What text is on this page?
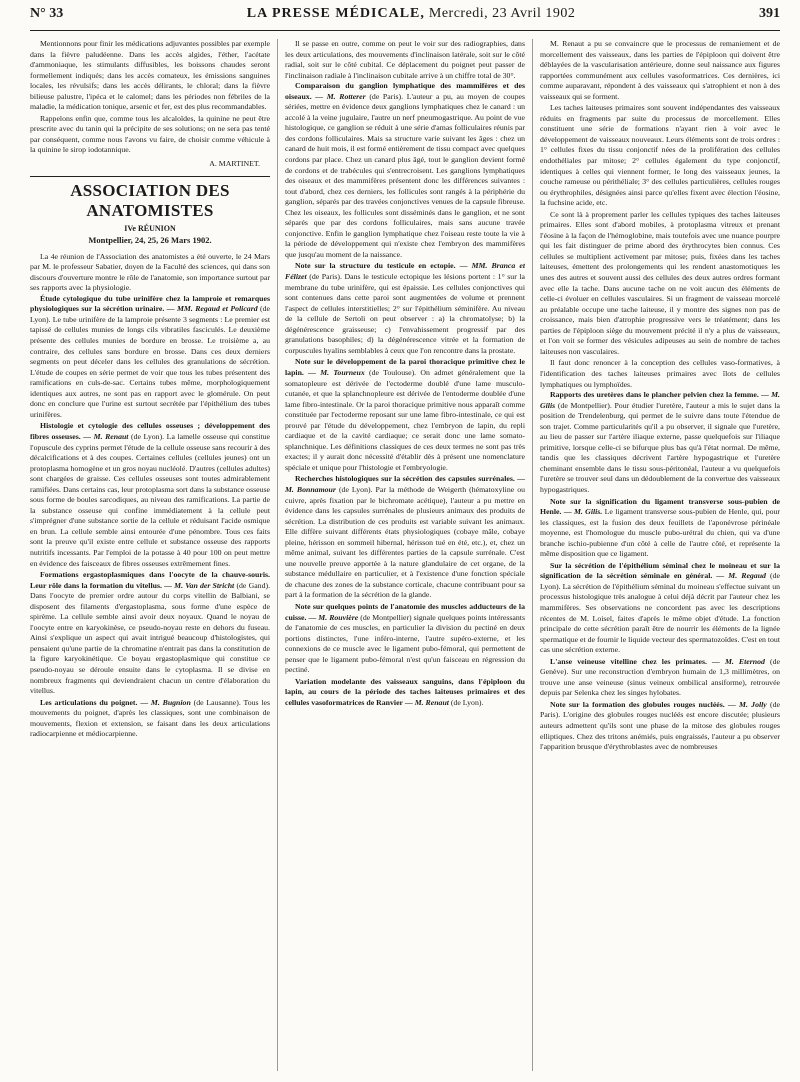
N° 33	LA PRESSE MÉDICALE, Mercredi, 23 Avril 1902	391

Mentionnons pour finir les médications adjuvantes possibles par exemple dans la fièvre paludéenne. Dans les accès algides, l'éther, l'acétate d'ammoniaque, les stimulants diffusibles, les boissons chaudes seront formellement indiqués; dans les accès comateux, les émissions sanguines locales, les révulsifs; dans les accès délirants, le chloral; dans la fièvre bilieuse palustre, l'ipéca et le calomel; dans les périodes non fébriles de la maladie, la médication tonique, arsenic et fer, est des plus recommandables.

Rappelons enfin que, comme tous les alcaloïdes, la quinine ne peut être prescrite avec du tanin qui la précipite de ses solutions; on ne sera pas tenté par conséquent, comme nous l'avons vu faire, de choisir comme véhicule à la quinine le sirop iodotannique.

A. MARTINET.
ASSOCIATION DES ANATOMISTES
IVe RÉUNION
Montpellier, 24, 25, 26 Mars 1902.

La 4e réunion de l'Association des anatomistes a été ouverte, le 24 Mars par M. le professeur Sabatier, doyen de la Faculté des sciences, qui dans son discours d'ouverture montre le rôle de l'anatomie, son importance surtout par ses rapports avec la physiologie.

Étude cytologique du tube urinifère chez la lamproie et remarques physiologiques sur la sécrétion urinaire. — MM. Regaud et Policard (de Lyon). Le tube urinifère de la lamproie présente 3 segments : Le premier est tapissé de cellules munies de longs cils vibratiles fasciculés. Le deuxième présente des cellules munies de bordure en brosse. Le troisième a, au contraire, des cellules sans bordure en brosse. Dans ces deux derniers segments on peut déceler dans les cellules des granulations de sécrétion. L'étude de coupes en série permet de voir que tous les tubes présentent des ramifications en culs-de-sac. Certains tubes même, morphologiquement identiques aux autres, ne sont pas en rapport avec le glomérule. On peut donc en conclure que l'urine est surtout secrétée par l'épithélium des tubes urinifères.

Histologie et cytologie des cellules osseuses ; développement des fibres osseuses. — M. Renaut (de Lyon). La lamelle osseuse qui constitue l'opuscule des cyprins permet l'étude de la cellule osseuse sans recourir à des décalcifications et à des coupes. Certaines cellules (cellules jeunes) ont un protoplasma homogène et un gros noyau nucléolé. D'autres (cellules adultes) sont chargées de graisse. Ces cellules osseuses sont toutes admirablement ramifiées. Dans certains cas, leur protoplasma sort dans la substance osseuse sous forme de boules sarcodiques, au niveau des ramifications. La partie de la substance osseuse qui confine immédiatement à la cellule peut s'imprégner d'une substance sortie de la cellule et réduisant l'acide osmique en brun. La cellule semble ainsi entourée d'une pénombre. Tous ces faits sont la preuve qu'il existe entre cellule et substance osseuse des rapports nutritifs incessants. Par l'emploi de la potasse à 40 pour 100 on peut mettre en évidence des faisceaux de fibres osseuses extrêmement fines.

Formations ergastoplasmiques dans l'oocyte de la chauve-souris. Leur rôle dans la formation du vitellus. — M. Van der Stricht (de Gand). Dans l'oocyte de premier ordre autour du corps vitellin de Balbiani, se disposent des filaments d'ergastoplasma, sous forme d'une espèce de spirème. La cellule semble ainsi avoir deux noyaux. Quand le noyau de l'oocyte entre en karyokinèse, ce pseudo-noyau reste en dehors du fuseau. Ainsi s'explique un aspect qui avait intrigué beaucoup d'histologistes, qui pensaient qu'une partie de la chromatine n'entrait pas dans la constitution de la figure karyokinétique. Ce boyau ergastoplasmique qui constitue ce pseudo-noyau se déroule ensuite dans le cytoplasma. Il se divise en nombreux fragments qui deviendraient chacun un centre d'élaboration du vitellus.

Les articulations du poignet. — M. Bugnion (de Lausanne). Tous les mouvements du poignet, d'après les classiques, sont une combinaison de mouvements, flexion et extension, se faisant dans les deux articulations radiocarpienne et médiocarpienne.

Il se passe en outre, comme on peut le voir sur des radiographies, dans les deux articulations, des mouvements d'inclinaison latérale, soit sur le côté radial, soit sur le côté cubital. Ce déplacement du poignet peut passer de l'inclinaison radiale à l'inclinaison cubitale arrive à un chiffre total de 30°.

Comparaison du ganglion lymphatique des mammifères et des oiseaux. — M. Rotterer (de Paris). L'auteur a pu, au moyen de coupes sériées, mettre en évidence deux ganglions lymphatiques chez le canard : un accolé à la veine jugulaire, l'autre un nerf pneumogastrique. Au point de vue histologique, ce ganglion se réduit à une série d'amas folliculaires réunis par des cordons folliculaires. Mais sa structure varie suivant les âges : chez un canard de huit mois, il est formé entièrement de tissu compact avec quelques cordons par place. Chez un canard plus âgé, tout le ganglion devient formé de cordons et de trabécules qui s'entrecroisent. Les ganglions lymphatiques des oiseaux et des mammifères présentent donc les différences suivantes : tout d'abord, chez ces derniers, les follicules sont rangés à la périphérie du ganglion, séparés par des travées conjonctives venues de la capsule fibreuse. Chez les oiseaux, les follicules sont disséminés dans le ganglion, et ne sont séparés que par des cordons folliculaires, mais sans aucune travée conjonctive. Enfin le ganglion lymphatique chez l'oiseau reste toute la vie à la période de développement qui n'existe chez l'embryon des mammifères que jusqu'au moment de la naissance.

Note sur la structure du testicule en ectopie. — MM. Branca et Félizet (de Paris). Dans le testicule ectopique les lésions portent : 1° sur la membrane du tube urinifère, qui est épaissie. Les cellules conjonctives qui sont contenues dans cette paroi sont augmentées de volume et prennent l'aspect de cellules interstitielles; 2° sur l'épithélium séminifère. Au niveau de la cellule de Sertoli on peut observer : a) la chromatolyse; b) la dégénérescence graisseuse; c) l'envahissement progressif par des granulations basophiles; d) la dégénérescence vitrée et la formation de corpuscules hyalins semblables à ceux que l'on rencontre dans la prostate.

Note sur le développement de la paroi thoracique primitive chez le lapin. — M. Tourneux (de Toulouse). On admet généralement que la somatopleure est dérivée de l'ectoderme doublé d'une lame musculo-cutanée, et que la splanchnopleure est dérivée de l'entoderme doublée d'une lame fibro-intestinale. Or la paroi thoracique primitive nous apparaît comme constituée par l'ectoderme reposant sur une lame fibro-intestinale, ce qui est prouvé par l'étude du développement, chez l'embryon de lapin, du repli cardiaque et de la cavité cardiaque; ce serait donc une lame somato-splanchnique. Les définitions classiques de ces deux termes ne sont pas très exactes; il y aurait donc nécessité d'établir dès à présent une nomenclature spéciale et unique pour l'histologie et l'embryologie.

Recherches histologiques sur la sécrétion des capsules surrénales. — M. Bonnamour (de Lyon). Par la méthode de Weigerth (hématoxyline ou cuivre, après fixation par le bichromate acétique), l'auteur a pu mettre en évidence dans les capsules surrénales de plusieurs animaux des produits de sécrétion. La distribution de ces produits est variable suivant les animaux. Elle diffère suivant différents états physiologiques (cobaye mâle, cobaye pleine, hérisson en sommeil hibernal, hérisson tué en été, etc.), et, chez un même animal, suivant les différentes parties de la capsule surrénale. C'est une nouvelle preuve apportée à la nature glandulaire de cet organe, de la substance médullaire en particulier, et à l'existence d'une fonction spéciale de chacune des zones de la substance corticale, chacune contribuant pour sa part à la formation de la sécrétion de la glande.

Note sur quelques points de l'anatomie des muscles adducteurs de la cuisse. — M. Rouvière (de Montpellier) signale quelques points intéressants de l'anatomie de ces muscles, en particulier la division du pectiné en deux portions distinctes, l'une inféro-interne, l'autre supéro-externe, et les connexions de ce muscle avec le ligament pubo-fémoral, qui permettent de penser que le ligament pubo-fémoral n'est qu'un faisceau en régression du pectiné.

Variation modelante des vaisseaux sanguins, dans l'épiploon du lapin, au cours de la période des taches laiteuses primaires et des cellules vasoformatrices de Ranvier — M. Renaut (de Lyon).

M. Renaut a pu se convaincre que le processus de remaniement et de morcellement des vaisseaux, dans les parties de l'épiploon qui doivent être déblayées de la vascularisation antérieure, donne seul naissance aux figures rapportées communément aux cellules vasoformatrices. Ces dernières, ici comme auparavant, répondent à des vaisseaux qui s'atrophient et non à des vaisseaux qui se forment.

Les taches laiteuses primaires sont souvent indépendantes des vaisseaux réduits en fragments par suite du processus de morcellement. Elles constituent une série de formations n'ayant rien à voir avec le développement de vaisseaux nouveaux. Leurs éléments sont de trois ordres : 1° cellules fixes du tissu conjonctif nées de la prolifération des cellules endothéliales par mitose; 2° cellules également du type conjonctif, identiques à celles qui viennent former, le long des vaisseaux jeunes, la couche rameuse ou périthéliale; 3° des cellules particulières, cellules rouges ou érythrophiles, désignées ainsi parce qu'elles fixent avec élection l'éosine, la fuchsine acide, etc.

Ce sont là à proprement parler les cellules typiques des taches laiteuses primaires. Elles sont d'abord mobiles, à protoplasma vitreux et prenant l'éosine à la façon de l'hémoglobine, mais toutefois avec une nuance pourpre qui les fait distinguer de prime abord des érythrocytes bien connus. Ces cellules se multiplient activement par mitose; puis, fixées dans les taches laiteuses, émettent des prolongements qui les rendent anastomotiques les unes des autres et souvent aussi des cellules des deux autres ordres formant avec elle la tache. Dans aucune tache on ne voit aucun des éléments de celle-ci évoluer en cellules vasculaires. Si un fragment de vaisseau morcelé au préalable occupe une tache laiteuse, il y montre des signes non pas de croissance, mais bien d'atrophie progressive vers le tréatément; dans les parties de l'épiploon siège du mouvement précité il n'y a plus de vaisseaux, et l'on voit se former des vésicules adipeuses au sein de nombre de taches laiteuses non vasculaires.

Il faut donc renoncer à la conception des cellules vaso-formatives, à l'identification des taches laiteuses primaires avec îlots de cellules lymphatiques ou lymphoïdes.

Rapports des uretères dans le plancher pelvien chez la femme. — M. Gilis (de Montpellier). Pour étudier l'uretère, l'auteur a mis le sujet dans la position de Trendelenburg, qui permet de le suivre dans toute l'étendue de son trajet. Comme particularités qu'il a pu observer, il signale que l'uretère, au lieu de passer sur l'artère iliaque externe, passe quelquefois sur l'iliaque primitive, lorsque celle-ci se bifurque plus bas qu'à l'état normal. De même, tandis que les classiques décrivent l'artère hypogastrique et l'uretère cheminant ensemble dans le tissu sous-péritonéal, l'auteur a vu quelquefois l'uretère se trouver seul dans un dédoublement de la convertue des vaisseaux hypogastriques.

Note sur la signification du ligament transverse sous-pubien de Henle. — M. Gilis. Le ligament transverse sous-pubien de Henle, qui, pour les classiques, est la fusion des deux feuillets de l'aponévrose périnéale moyenne, est l'homologue du muscle pubo-urétral du chien, qui va d'une branche ischio-pubienne d'un côté à celle de l'autre côté, et représente la même disposition que ce ligament.

Sur la sécrétion de l'épithélium séminal chez le moineau et sur la signification de la sécrétion séminale en général. — M. Regaud (de Lyon). La sécrétion de l'épithélium séminal du moineau s'effectue suivant un processus histologique très analogue à celui déjà décrit par l'auteur chez les mammifères. Ses observations ne concordent pas avec les descriptions récentes de M. Loisel, faites d'après le même objet d'étude. La fonction principale de cette sécrétion paraît être de nourrir les éléments de la lignée spermatique et de fournir le liquide vecteur des spermatozoïdes. C'est en tout cas une sécrétion externe.

L'anse veineuse vitelline chez les primates. — M. Eternod (de Genève). Sur une reconstruction d'embryon humain de 1,3 millimètres, on trouve une anse veineuse (sinus veineux ombilical ansiforme), retrouvée depuis par Selenka chez les singes hylobates.

Note sur la formation des globules rouges nucléés. — M. Jolly (de Paris). L'origine des globules rouges nucléés est encore discutée; plusieurs auteurs admettent qu'ils sont une phase de la mitose des globules rouges elliptiques. Chez des tritons anémiés, puis engraissés, l'auteur a pu observer l'apparition brusque d'érythroblastes avec de nombreuses
